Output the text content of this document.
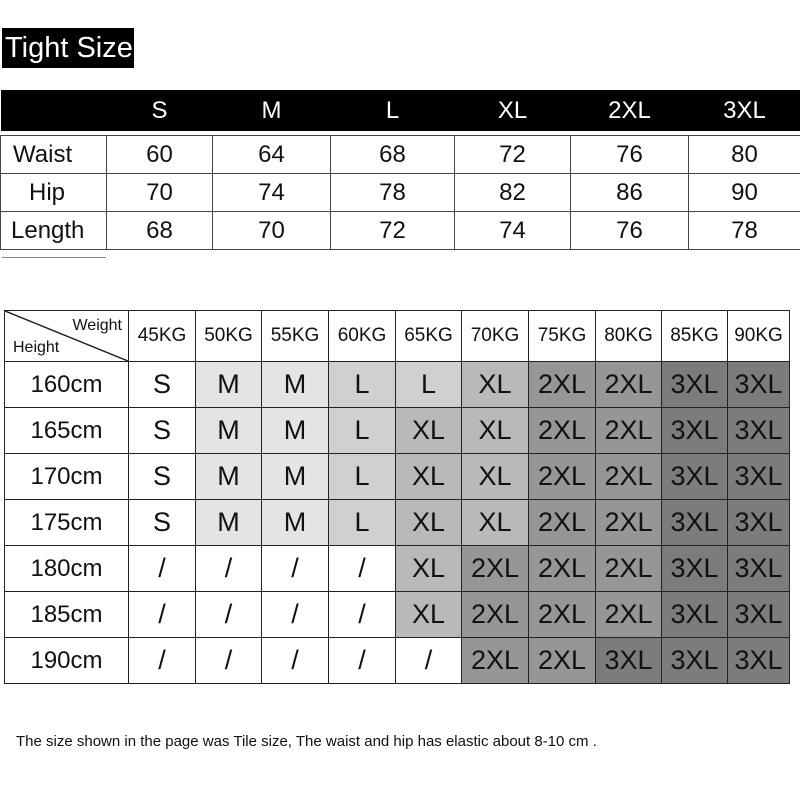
Tight Size
	S	M	L	XL	2XL	3XL

Waist	60	64	68	72	76	80
Hip	70	74	78	82	86	90
Length	68	70	72	74	76	78
Weight
Height	45KG	50KG	55KG	60KG	65KG	70KG	75KG	80KG	85KG	90KG
160cm	S	M	M	L	L	XL	2XL	2XL	3XL	3XL
165cm	S	M	M	L	XL	XL	2XL	2XL	3XL	3XL
170cm	S	M	M	L	XL	XL	2XL	2XL	3XL	3XL
175cm	S	M	M	L	XL	XL	2XL	2XL	3XL	3XL
180cm	/	/	/	/	XL	2XL	2XL	2XL	3XL	3XL
185cm	/	/	/	/	XL	2XL	2XL	2XL	3XL	3XL
190cm	/	/	/	/	/	2XL	2XL	3XL	3XL	3XL
The size shown in the page was Tile size, The waist and hip has elastic about 8-10 cm .
